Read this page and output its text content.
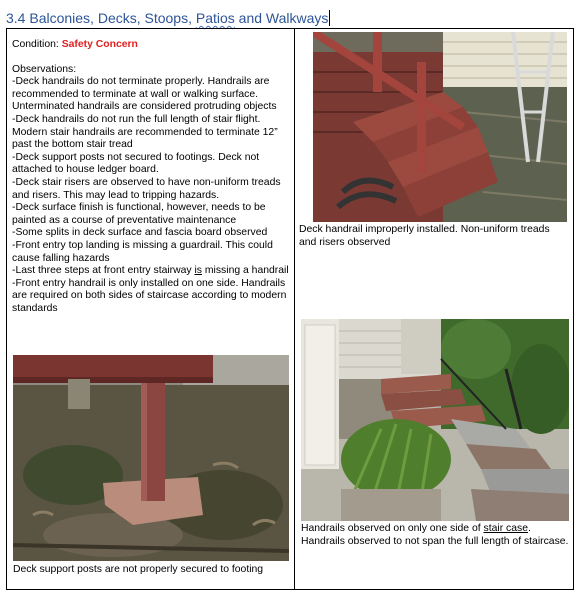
3.4 Balconies, Decks, Stoops, Patios and Walkways
Condition: Safety Concern

Observations:

-Deck handrails do not terminate properly. Handrails are recommended to terminate at wall or walking surface. Unterminated handrails are considered protruding objects

-Deck handrails do not run the full length of stair flight. Modern stair handrails are recommended to terminate 12” past the bottom stair tread

-Deck support posts not secured to footings. Deck not attached to house ledger board.

-Deck stair risers are observed to have non-uniform treads and risers. This may lead to tripping hazards.

-Deck surface finish is functional, however, needs to be painted as a course of preventative maintenance

-Some splits in deck surface and fascia board observed

-Front entry top landing is missing a guardrail. This could cause falling hazards

-Last three steps at front entry stairway is missing a handrail

-Front entry handrail is only installed on one side. Handrails are required on both sides of staircase according to modern standards

Deck support posts are not properly secured to footing
Deck handrail improperly installed. Non-uniform treads and risers observed
Handrails observed on only one side of stair case. Handrails observed to not span the full length of staircase.
